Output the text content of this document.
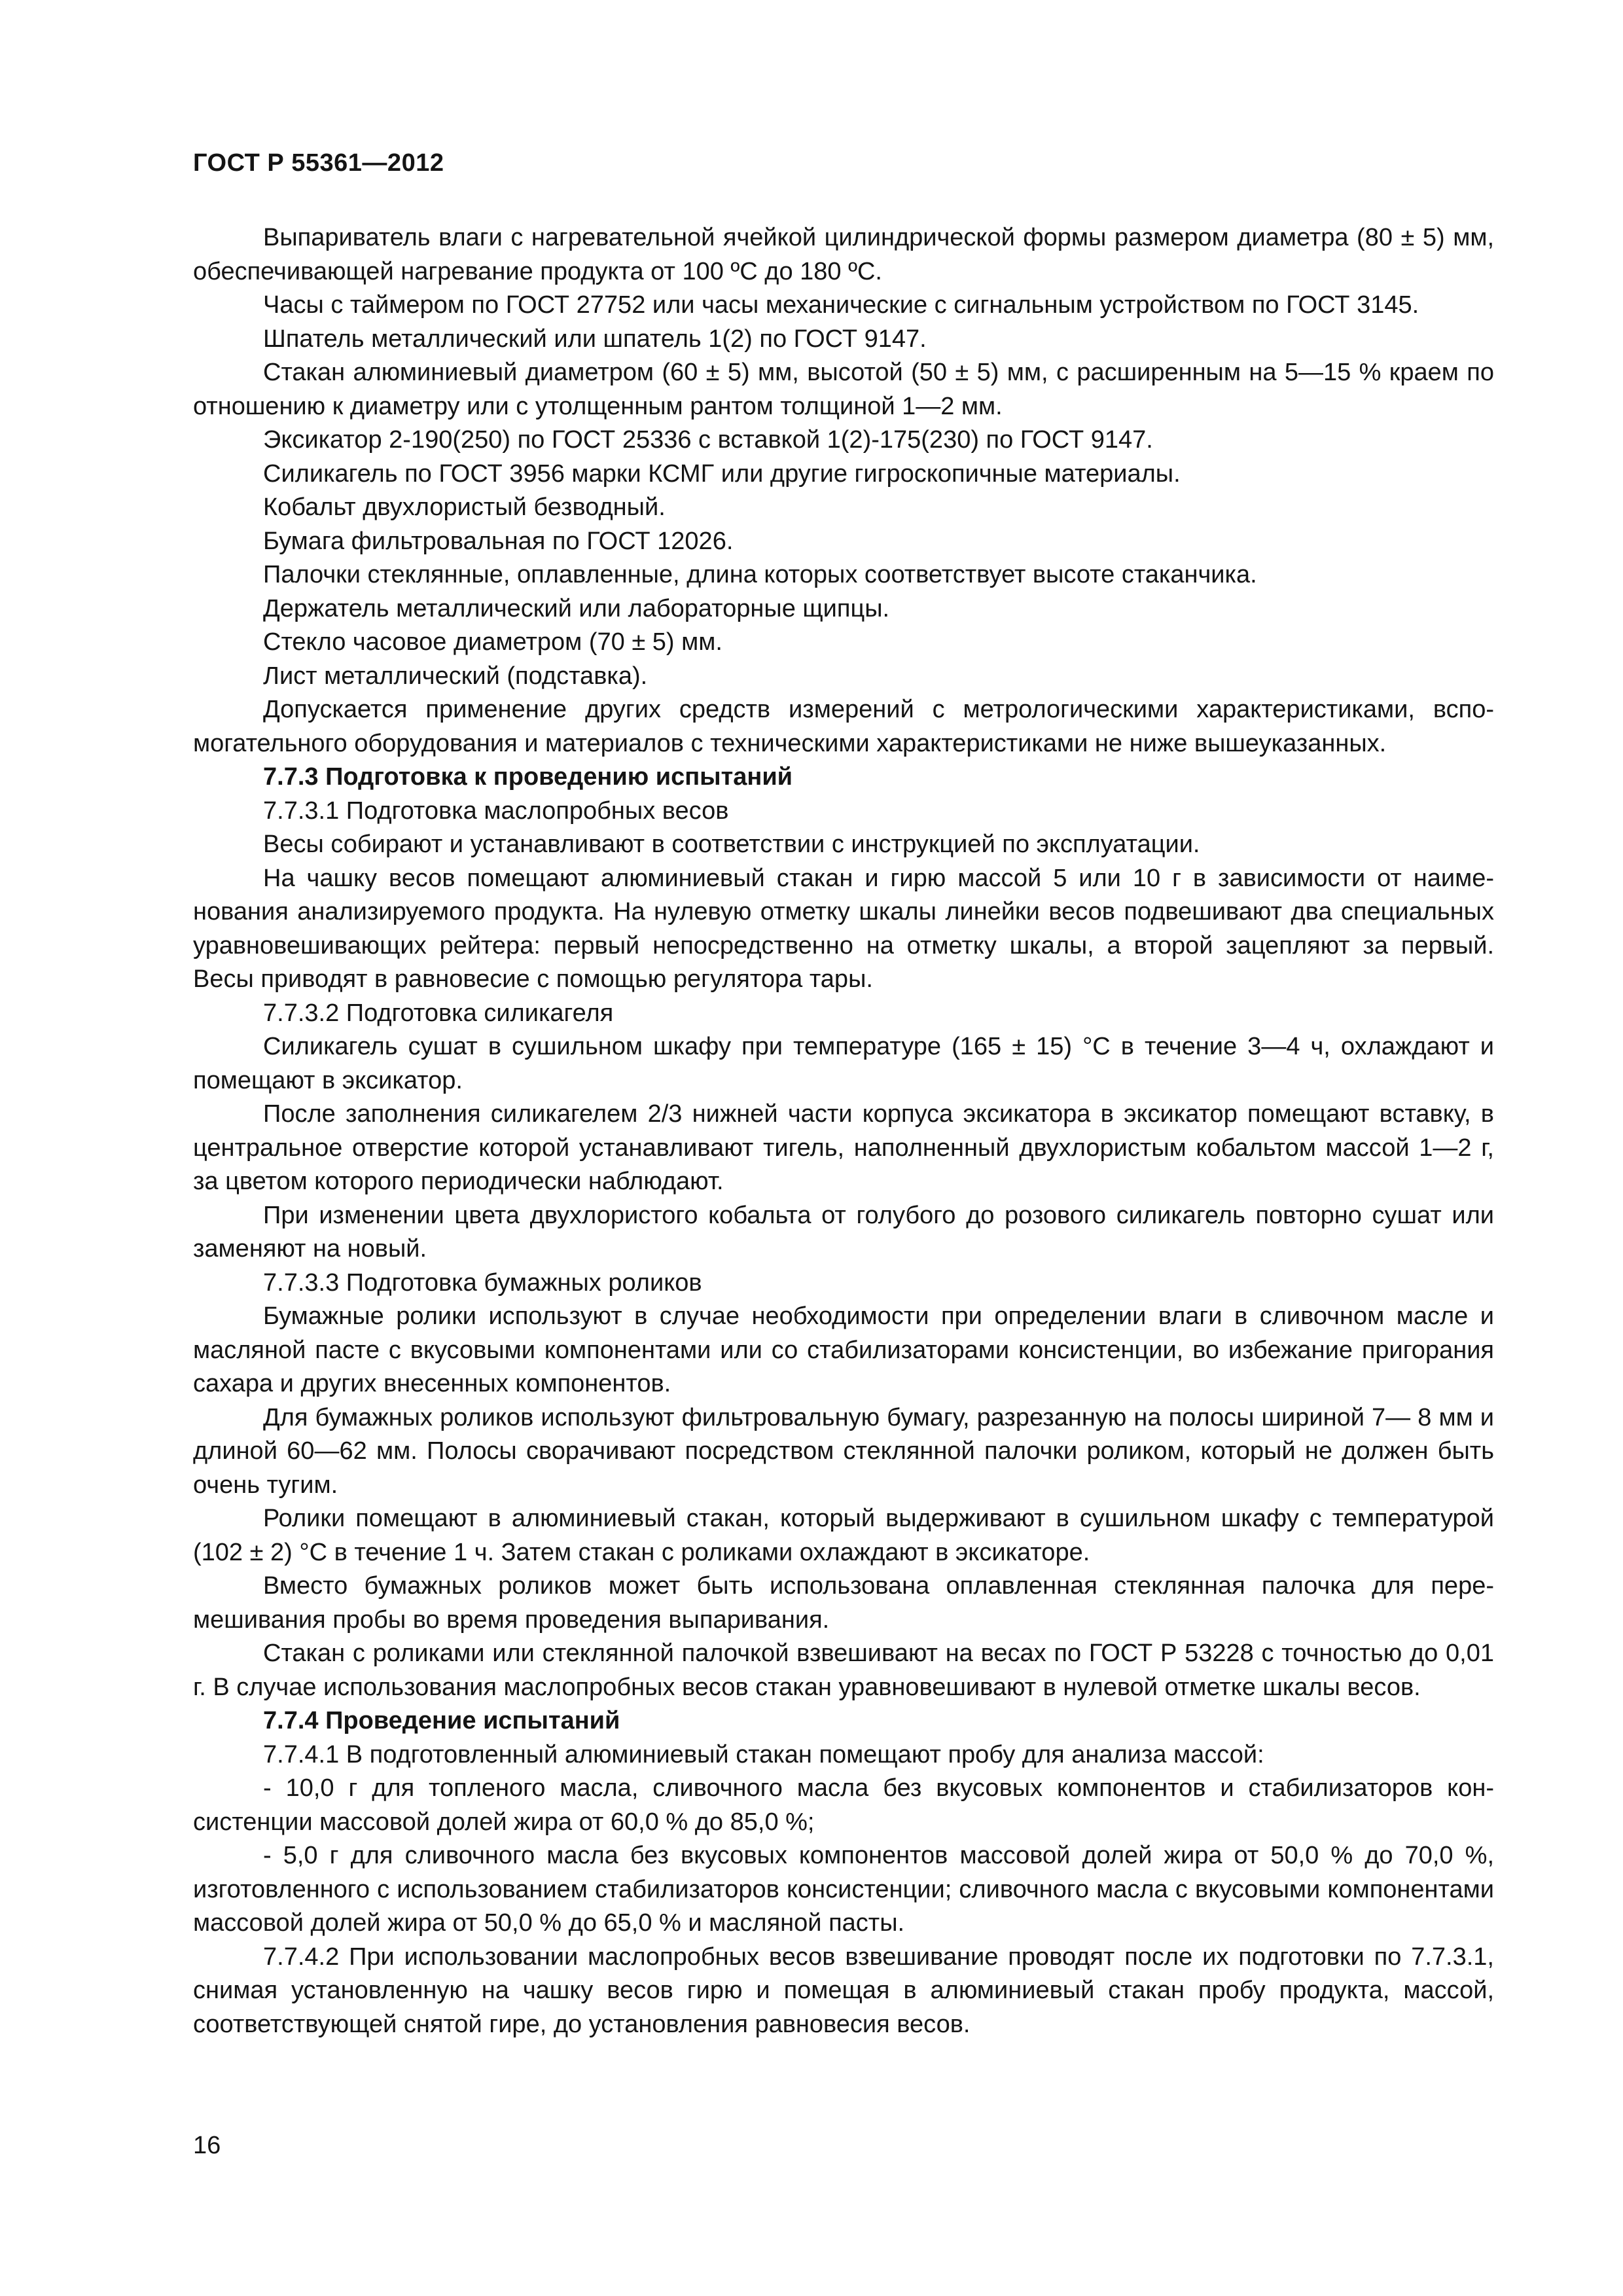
ГОСТ Р 55361—2012

Выпариватель влаги с нагревательной ячейкой цилиндрической формы размером диаметра (80 ± 5) мм, обеспечивающей нагревание продукта от 100 ºС до 180 ºС.

Часы с таймером по ГОСТ 27752 или часы механические с сигнальным устройством по ГОСТ 3145.

Шпатель металлический или шпатель 1(2) по ГОСТ 9147.

Стакан алюминиевый диаметром (60 ± 5) мм, высотой (50 ± 5) мм, с расширенным на 5—15 % краем по отношению к диаметру или с утолщенным рантом толщиной 1—2 мм.

Эксикатор 2-190(250) по ГОСТ 25336 с вставкой 1(2)-175(230) по ГОСТ 9147.

Силикагель по ГОСТ 3956 марки КСМГ или другие гигроскопичные материалы.

Кобальт двухлористый безводный.

Бумага фильтровальная по ГОСТ 12026.

Палочки стеклянные, оплавленные, длина которых соответствует высоте стаканчика.

Держатель металлический или лабораторные щипцы.

Стекло часовое диаметром (70 ± 5) мм.

Лист металлический (подставка).

Допускается применение других средств измерений с метрологическими характеристиками, вспомогательного оборудования и материалов с техническими характеристиками не ниже вышеуказанных.

7.7.3 Подготовка к проведению испытаний

7.7.3.1 Подготовка маслопробных весов

Весы собирают и устанавливают в соответствии с инструкцией по эксплуатации.

На чашку весов помещают алюминиевый стакан и гирю массой 5 или 10 г в зависимости от наименования анализируемого продукта. На нулевую отметку шкалы линейки весов подвешивают два специальных уравновешивающих рейтера: первый непосредственно на отметку шкалы, а второй зацепляют за первый. Весы приводят в равновесие с помощью регулятора тары.

7.7.3.2 Подготовка силикагеля

Силикагель сушат в сушильном шкафу при температуре (165 ± 15) °С в течение 3—4 ч, охлаждают и помещают в эксикатор.

После заполнения силикагелем 2/3 нижней части корпуса эксикатора в эксикатор помещают вставку, в центральное отверстие которой устанавливают тигель, наполненный двухлористым кобальтом массой 1—2 г, за цветом которого периодически наблюдают.

При изменении цвета двухлористого кобальта от голубого до розового силикагель повторно сушат или заменяют на новый.

7.7.3.3 Подготовка бумажных роликов

Бумажные ролики используют в случае необходимости при определении влаги в сливочном масле и масляной пасте с вкусовыми компонентами или со стабилизаторами консистенции, во избежание пригорания сахара и других внесенных компонентов.

Для бумажных роликов используют фильтровальную бумагу, разрезанную на полосы шириной 7— 8 мм и длиной 60—62 мм. Полосы сворачивают посредством стеклянной палочки роликом, который не должен быть очень тугим.

Ролики помещают в алюминиевый стакан, который выдерживают в сушильном шкафу с температурой (102 ± 2) °С в течение 1 ч. Затем стакан с роликами охлаждают в эксикаторе.

Вместо бумажных роликов может быть использована оплавленная стеклянная палочка для перемешивания пробы во время проведения выпаривания.

Стакан с роликами или стеклянной палочкой взвешивают на весах по ГОСТ Р 53228 с точностью до 0,01 г. В случае использования маслопробных весов стакан уравновешивают в нулевой отметке шкалы весов.

7.7.4 Проведение испытаний

7.7.4.1 В подготовленный алюминиевый стакан помещают пробу для анализа массой:

- 10,0 г для топленого масла, сливочного масла без вкусовых компонентов и стабилизаторов консистенции массовой долей жира от 60,0 % до 85,0 %;

- 5,0 г для сливочного масла без вкусовых компонентов массовой долей жира от 50,0 % до 70,0 %, изготовленного с использованием стабилизаторов консистенции; сливочного масла с вкусовыми компонентами массовой долей жира от 50,0 % до 65,0 % и масляной пасты.

7.7.4.2 При использовании маслопробных весов взвешивание проводят после их подготовки по 7.7.3.1, снимая установленную на чашку весов гирю и помещая в алюминиевый стакан пробу продукта, массой, соответствующей снятой гире, до установления равновесия весов.

16
